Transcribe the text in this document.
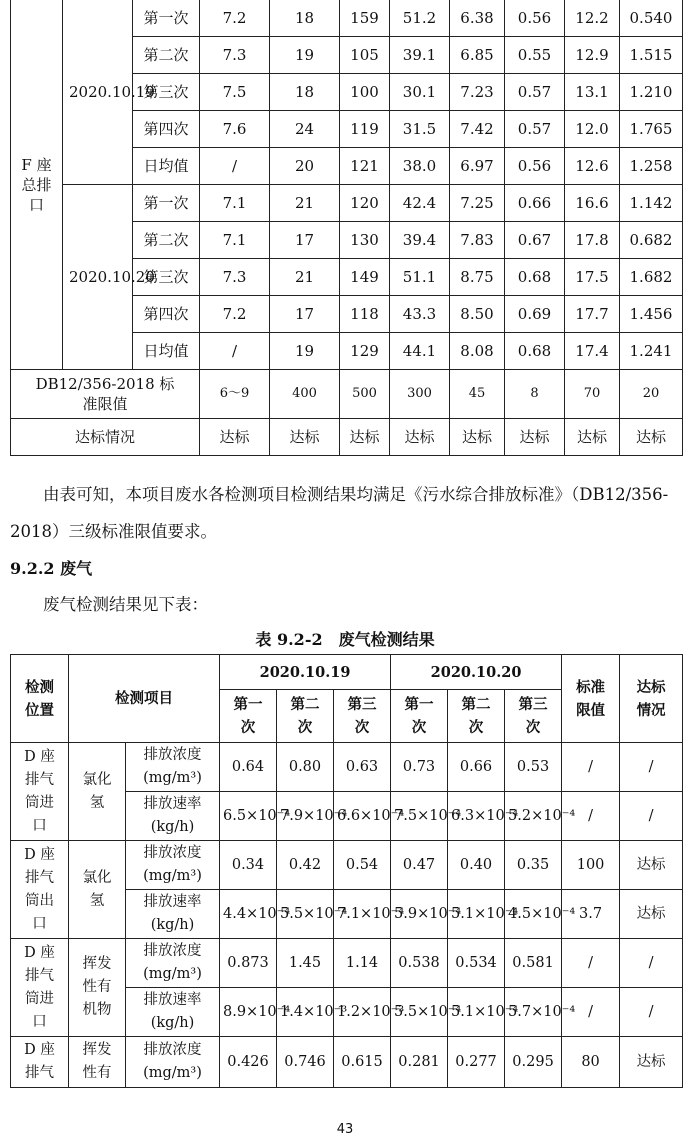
F 座总排口	2020.10.19	第一次	7.2	18	159	51.2	6.38	0.56	12.2	0.540
		第二次	7.3	19	105	39.1	6.85	0.55	12.9	1.515
		第三次	7.5	18	100	30.1	7.23	0.57	13.1	1.210
		第四次	7.6	24	119	31.5	7.42	0.57	12.0	1.765
		日均值	/	20	121	38.0	6.97	0.56	12.6	1.258
	2020.10.20	第一次	7.1	21	120	42.4	7.25	0.66	16.6	1.142
		第二次	7.1	17	130	39.4	7.83	0.67	17.8	0.682
		第三次	7.3	21	149	51.1	8.75	0.68	17.5	1.682
		第四次	7.2	17	118	43.3	8.50	0.69	17.7	1.456
		日均值	/	19	129	44.1	8.08	0.68	17.4	1.241
DB12/356-2018 标准限值			6～9	400	500	300	45	8	70	20
达标情况			达标	达标	达标	达标	达标	达标	达标	达标

由表可知，本项目废水各检测项目检测结果均满足《污水综合排放标准》（DB12/356-2018）三级标准限值要求。

9.2.2 废气

废气检测结果见下表：

表 9.2-2　废气检测结果

检测位置	检测项目		2020.10.19			2020.10.20			标准限值	达标情况
			第一次	第二次	第三次	第一次	第二次	第三次		
D 座排气筒进口	氯化氢	排放浓度
(mg/m³)	0.64	0.80	0.63	0.73	0.66	0.53	/	/

		排放速率
(kg/h)	6.5×10⁻⁴	7.9×10⁻⁴	6.6×10⁻⁴	7.5×10⁻⁴	6.3×10⁻⁴	5.2×10⁻⁴	/	/
D 座排气筒出口	氯化氢	排放浓度
(mg/m³)	0.34	0.42	0.54	0.47	0.40	0.35	100	达标

		排放速率
(kg/h)	4.4×10⁻⁴	5.5×10⁻⁴	7.1×10⁻⁴	5.9×10⁻⁴	5.1×10⁻⁴	4.5×10⁻⁴	3.7	达标
D 座排气筒进口	挥发性有机物	排放浓度
(mg/m³)	0.873	1.45	1.14	0.538	0.534	0.581	/	/

		排放速率
(kg/h)	8.9×10⁻⁴	1.4×10⁻³	1.2×10⁻³	5.5×10⁻⁴	5.1×10⁻⁴	5.7×10⁻⁴	/	/
D 座排气	挥发性有	排放浓度
(mg/m³)	0.426	0.746	0.615	0.281	0.277	0.295	80	达标
43
